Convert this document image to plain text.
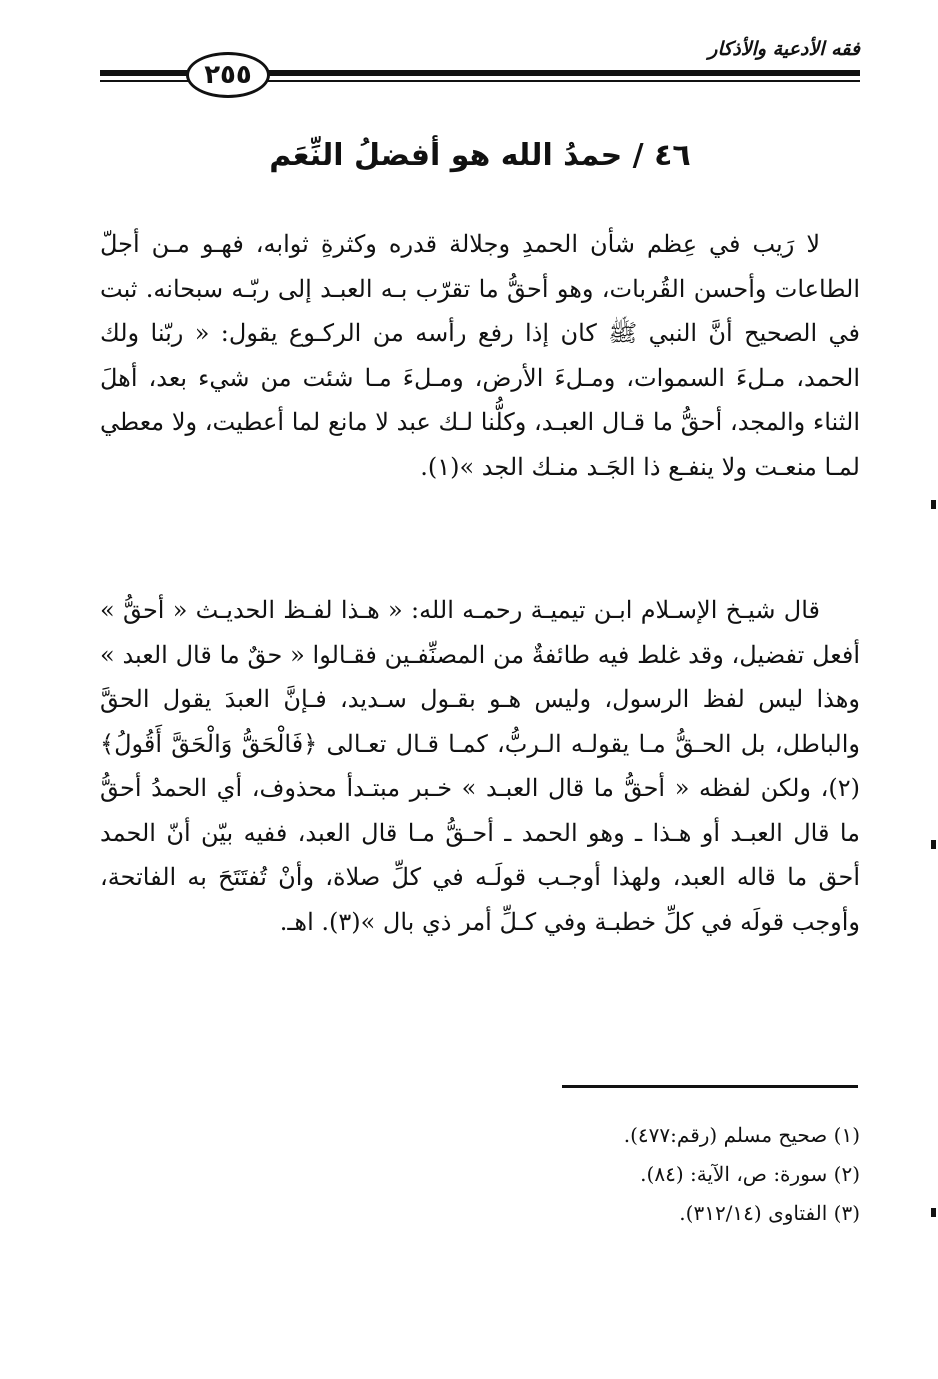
فقه الأدعية والأذكار
٢٥٥
٤٦ / حمدُ الله هو أفضلُ النِّعَم

لا رَيب في عِظم شأن الحمدِ وجلالة قدره وكثرةِ ثوابه، فهـو مـن أجلّ الطاعات وأحسن القُربات، وهو أحقُّ ما تقرّب بـه العبـد إلى ربّـه سبحانه. ثبت في الصحيح أنَّ النبي ﷺ كان إذا رفع رأسه من الركـوع يقول: « ربّنا ولك الحمد، مـلءَ السموات، ومـلءَ الأرض، ومـلءَ مـا شئت من شيء بعد، أهلَ الثناء والمجد، أحقُّ ما قـال العبـد، وكلُّنا لـك عبد لا مانع لما أعطيت، ولا معطي لمـا منعـت ولا ينفـع ذا الجَـد منـك الجد »(١).

قال شيـخ الإسـلام ابـن تيميـة رحمـه الله: « هـذا لفـظ الحديـث « أحقُّ » أفعل تفضيل، وقد غلط فيه طائفةٌ من المصنِّفـين فقـالوا « حقٌ ما قال العبد » وهذا ليس لفظ الرسول، وليس هـو بقـول سـديد، فـإنَّ العبدَ يقول الحقَّ والباطل، بل الحـقُّ مـا يقولـه الـربُّ، كمـا قـال تعـالى ﴿فَالْحَقُّ وَالْحَقَّ أَقُولُ﴾(٢)، ولكن لفظه « أحقُّ ما قال العبـد » خـبر مبتـدأ محذوف، أي الحمدُ أحقُّ ما قال العبـد أو هـذا ـ وهو الحمد ـ أحـقُّ مـا قال العبد، ففيه بيّن أنّ الحمد أحق ما قاله العبد، ولهذا أوجـب قولَـه في كلِّ صلاة، وأنْ تُفتَتَحَ به الفاتحة، وأوجب قولَه في كلِّ خطبـة وفي كـلِّ أمر ذي بال »(٣). اهـ.

(١) صحيح مسلم (رقم:٤٧٧).
(٢) سورة: ص، الآية: (٨٤).
(٣) الفتاوى (٣١٢/١٤).
